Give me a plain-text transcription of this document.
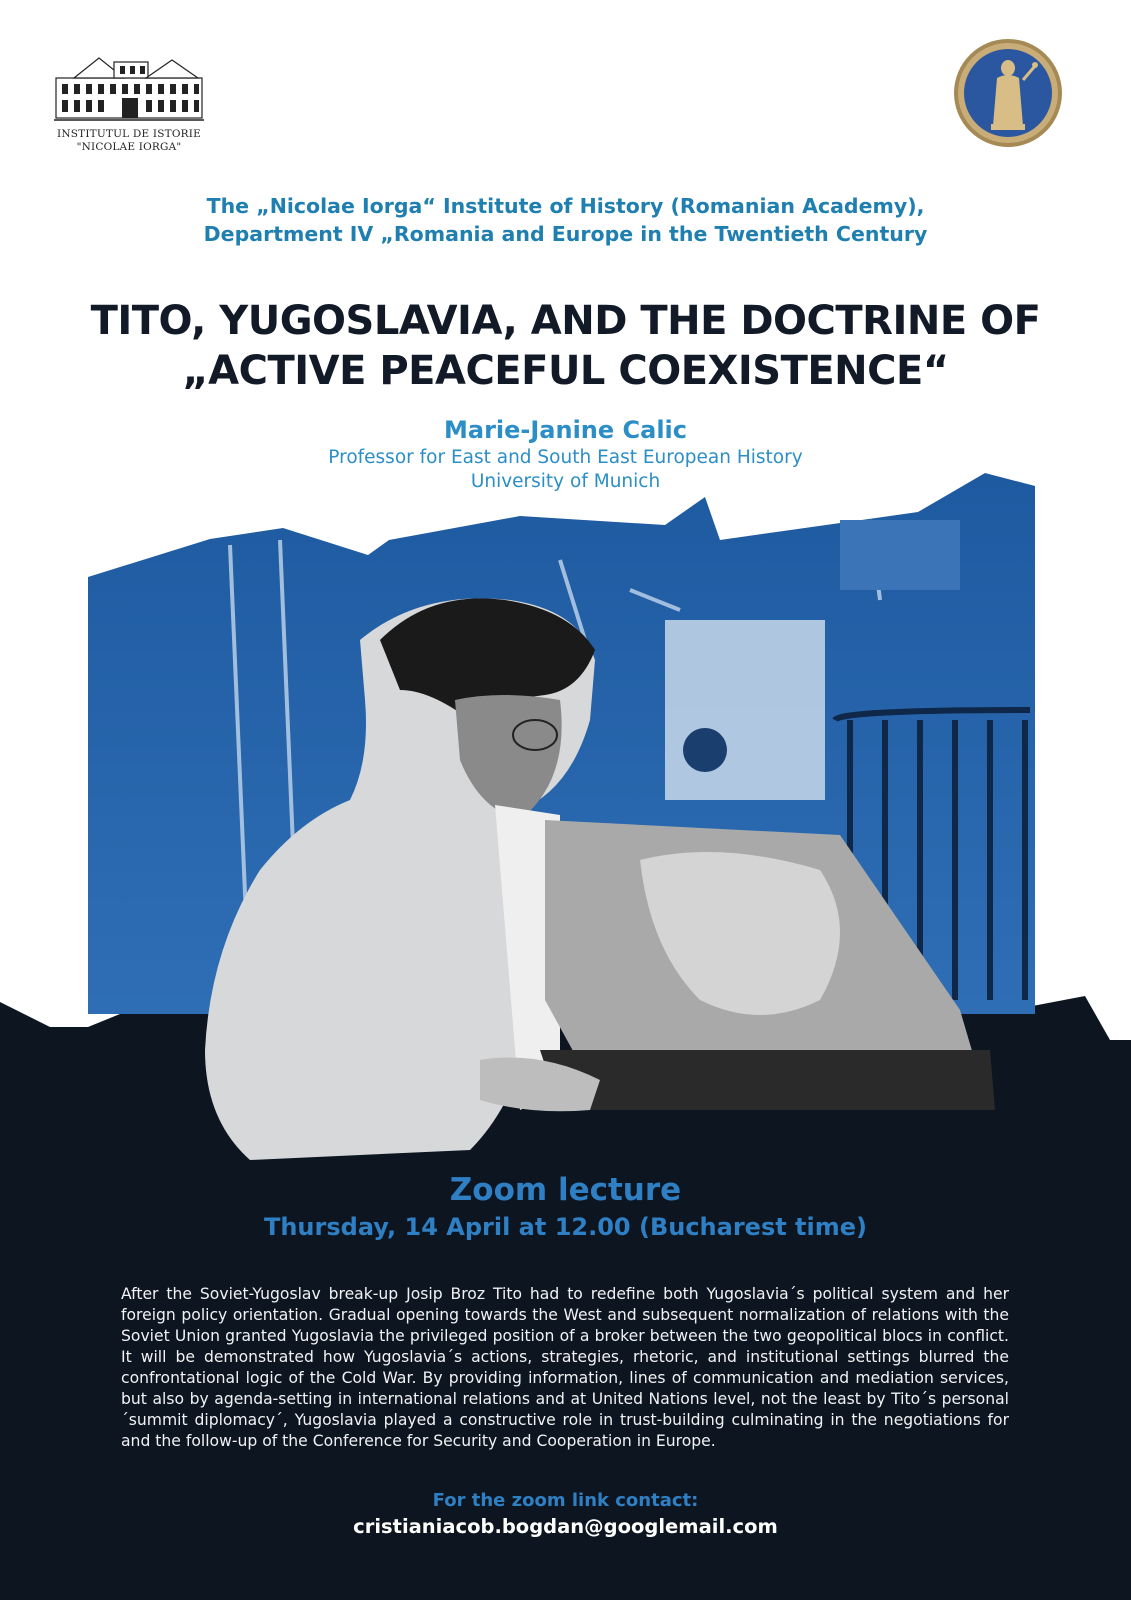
INSTITUTUL DE ISTORIE
"NICOLAE IORGA"
The „Nicolae Iorga“ Institute of History (Romanian Academy),
Department IV „Romania and Europe in the Twentieth Century
TITO, YUGOSLAVIA, AND THE DOCTRINE OF
„ACTIVE PEACEFUL COEXISTENCE“
Marie-Janine Calic
Professor for East and South East European History
University of Munich
Zoom lecture
Thursday, 14 April at 12.00 (Bucharest time)
After the Soviet-Yugoslav break-up Josip Broz Tito had to redefine both Yugoslavia´s political system and her foreign policy orientation. Gradual opening towards the West and subsequent normalization of relations with the Soviet Union granted Yugoslavia the privileged position of a broker between the two geopolitical blocs in conflict. It will be demonstrated how Yugoslavia´s actions, strategies, rhetoric, and institutional settings blurred the confrontational logic of the Cold War. By providing information, lines of communication and mediation services, but also by agenda-setting in international relations and at United Nations level, not the least by Tito´s personal ´summit diplomacy´, Yugoslavia played a constructive role in trust-building culminating in the negotiations for and the follow-up of the Conference for Security and Cooperation in Europe.
For the zoom link contact:
cristianiacob.bogdan@googlemail.com
